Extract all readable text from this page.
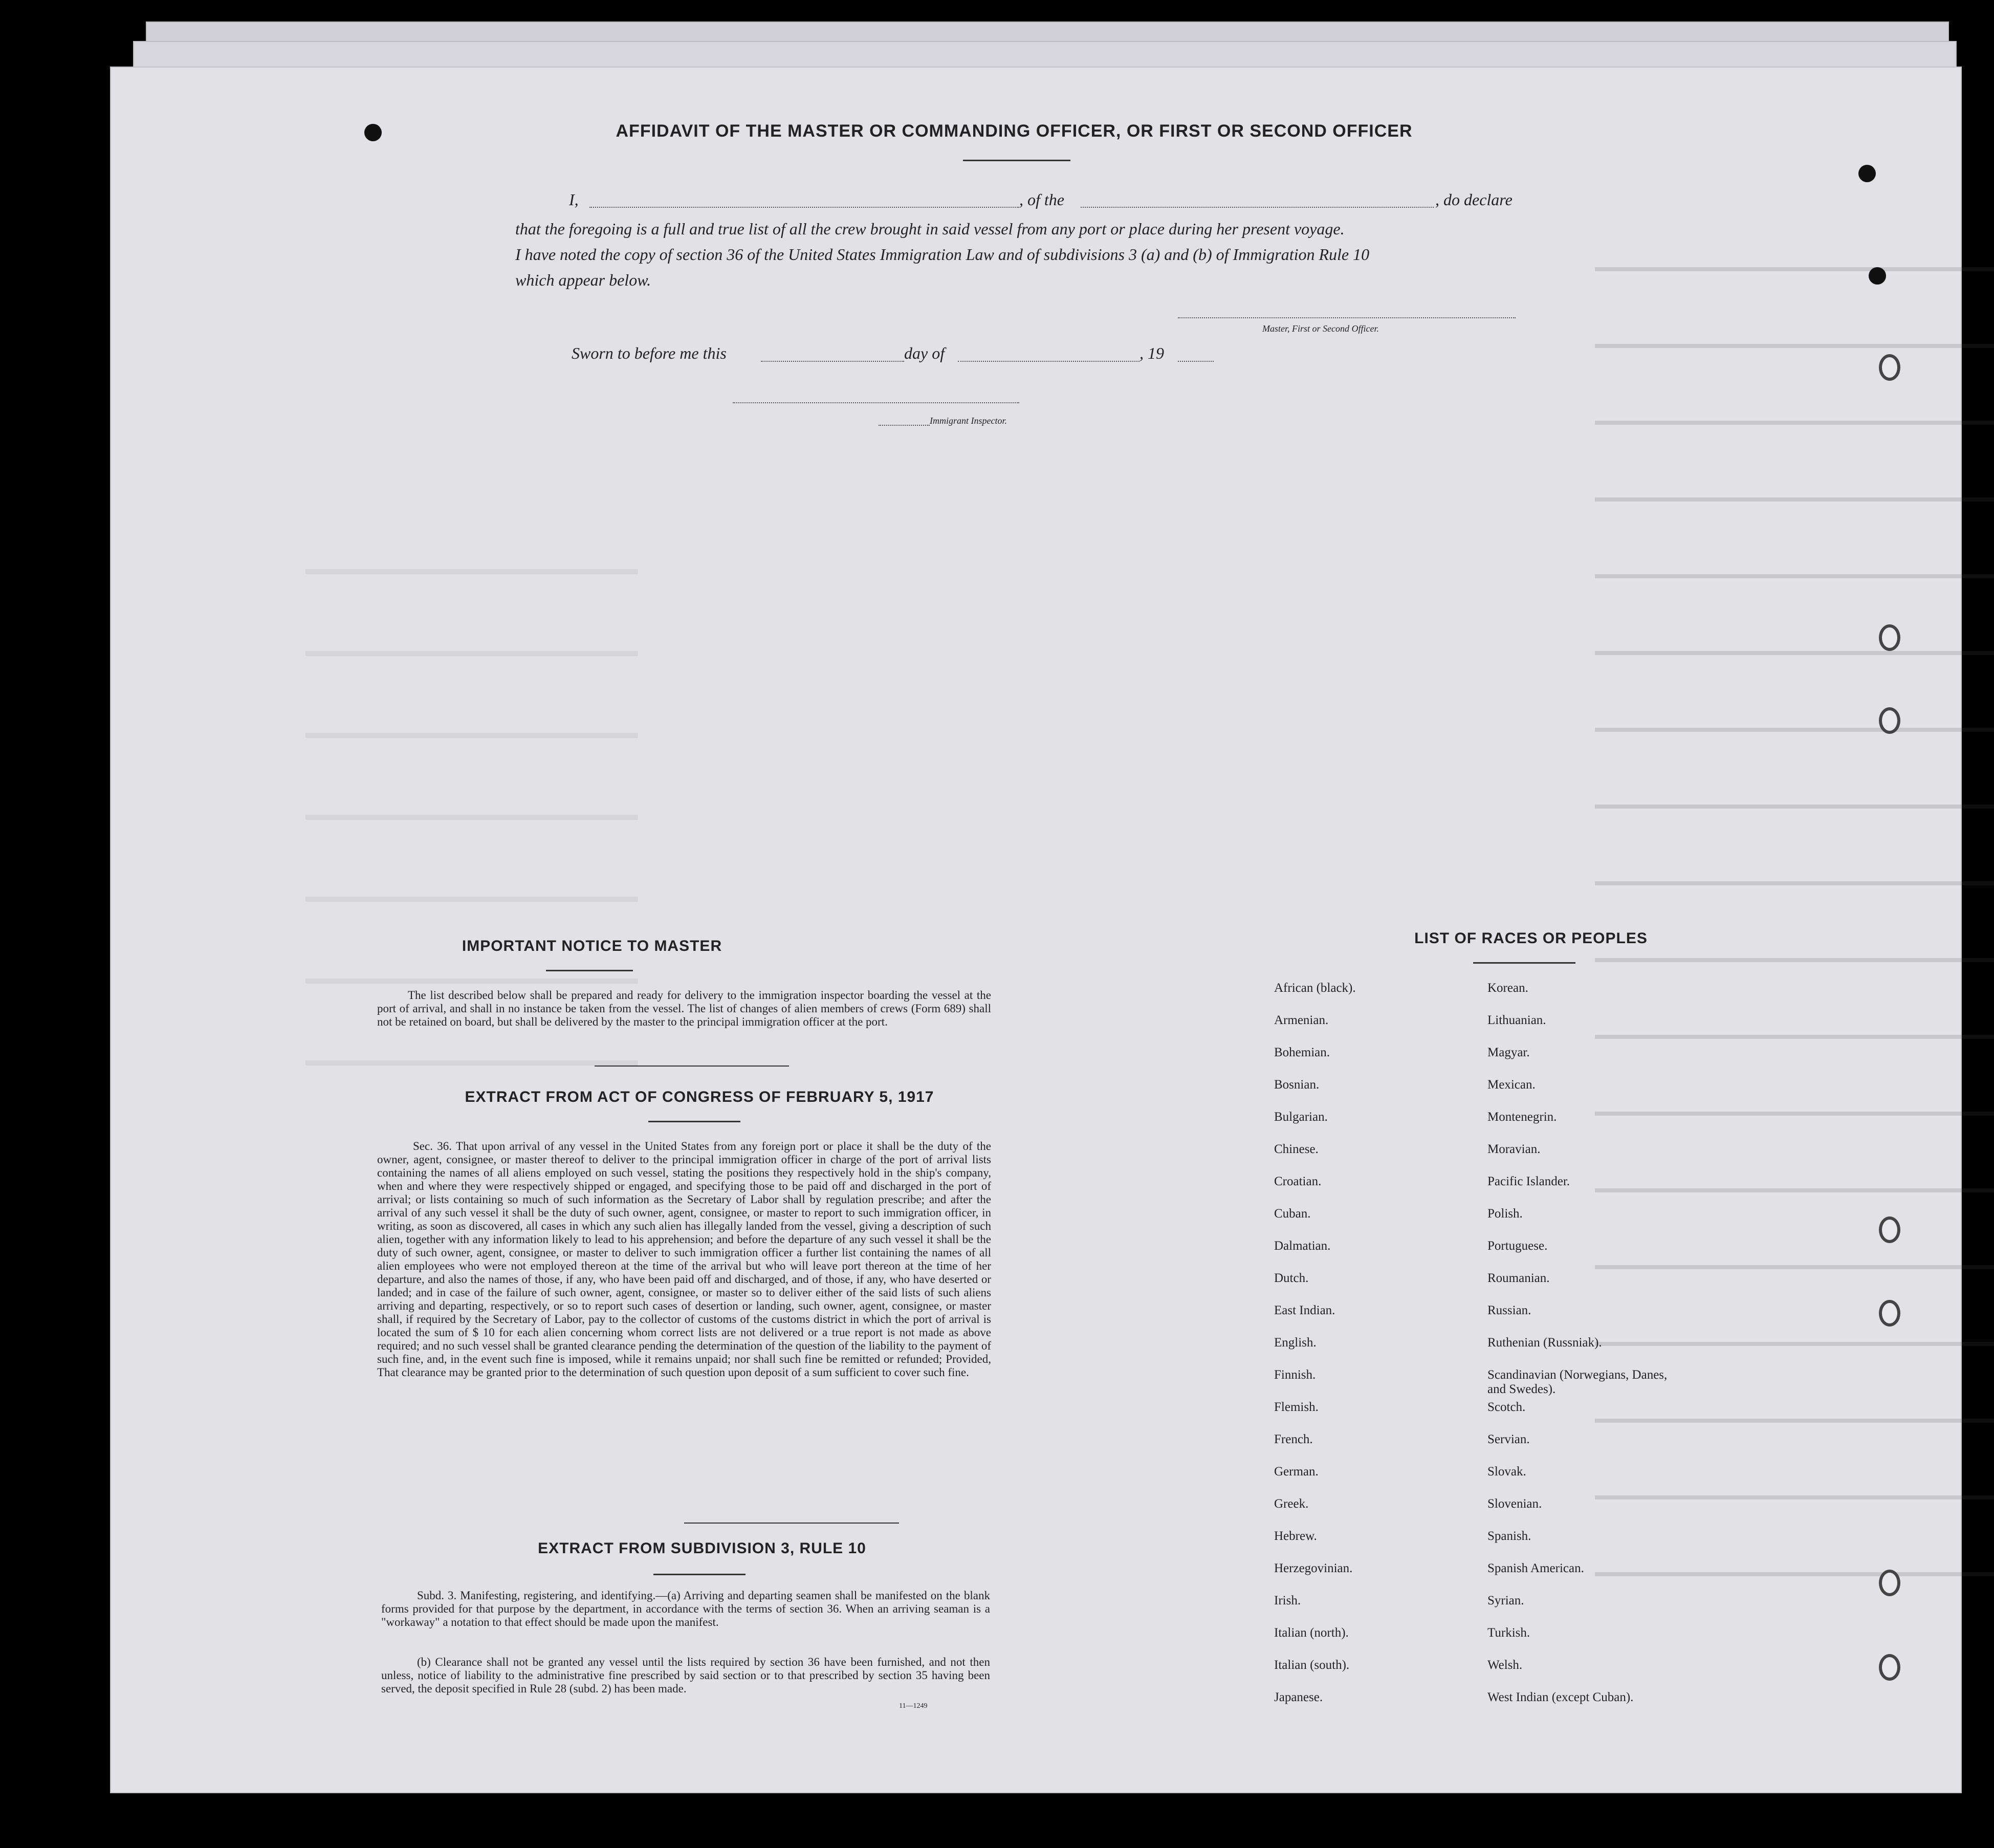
AFFIDAVIT OF THE MASTER OR COMMANDING OFFICER, OR FIRST OR SECOND OFFICER
I,	, of the	, do declare
that the foregoing is a full and true list of all the crew brought in said vessel from any port or place during her present voyage.
I have noted the copy of section 36 of the United States Immigration Law and of subdivisions 3 (a) and (b) of Immigration Rule 10
which appear below.
Master, First or Second Officer.
Sworn to before me this	day of	, 19
Immigrant Inspector.
IMPORTANT NOTICE TO MASTER
The list described below shall be prepared and ready for delivery to the immigration inspector boarding the vessel at the port of arrival, and shall in no instance be taken from the vessel. The list of changes of alien members of crews (Form 689) shall not be retained on board, but shall be delivered by the master to the principal immigration officer at the port.
EXTRACT FROM ACT OF CONGRESS OF FEBRUARY 5, 1917
Sec. 36. That upon arrival of any vessel in the United States from any foreign port or place it shall be the duty of the owner, agent, consignee, or master thereof to deliver to the principal immigration officer in charge of the port of arrival lists containing the names of all aliens employed on such vessel, stating the positions they respectively hold in the ship's company, when and where they were respectively shipped or engaged, and specifying those to be paid off and discharged in the port of arrival; or lists containing so much of such information as the Secretary of Labor shall by regulation prescribe; and after the arrival of any such vessel it shall be the duty of such owner, agent, consignee, or master to report to such immigration officer, in writing, as soon as discovered, all cases in which any such alien has illegally landed from the vessel, giving a description of such alien, together with any information likely to lead to his apprehension; and before the departure of any such vessel it shall be the duty of such owner, agent, consignee, or master to deliver to such immigration officer a further list containing the names of all alien employees who were not employed thereon at the time of the arrival but who will leave port thereon at the time of her departure, and also the names of those, if any, who have been paid off and discharged, and of those, if any, who have deserted or landed; and in case of the failure of such owner, agent, consignee, or master so to deliver either of the said lists of such aliens arriving and departing, respectively, or so to report such cases of desertion or landing, such owner, agent, consignee, or master shall, if required by the Secretary of Labor, pay to the collector of customs of the customs district in which the port of arrival is located the sum of $ 10 for each alien concerning whom correct lists are not delivered or a true report is not made as above required; and no such vessel shall be granted clearance pending the determination of the question of the liability to the payment of such fine, and, in the event such fine is imposed, while it remains unpaid; nor shall such fine be remitted or refunded; Provided, That clearance may be granted prior to the determination of such question upon deposit of a sum sufficient to cover such fine.
EXTRACT FROM SUBDIVISION 3, RULE 10
Subd. 3. Manifesting, registering, and identifying.—(a) Arriving and departing seamen shall be manifested on the blank forms provided for that purpose by the department, in accordance with the terms of section 36. When an arriving seaman is a "workaway" a notation to that effect should be made upon the manifest.
(b) Clearance shall not be granted any vessel until the lists required by section 36 have been furnished, and not then unless, notice of liability to the administrative fine prescribed by said section or to that prescribed by section 35 having been served, the deposit specified in Rule 28 (subd. 2) has been made.
11—1249
LIST OF RACES OR PEOPLES
African (black).
Armenian.
Bohemian.
Bosnian.
Bulgarian.
Chinese.
Croatian.
Cuban.
Dalmatian.
Dutch.
East Indian.
English.
Finnish.
Flemish.
French.
German.
Greek.
Hebrew.
Herzegovinian.
Irish.
Italian (north).
Italian (south).
Japanese.
Korean.
Lithuanian.
Magyar.
Mexican.
Montenegrin.
Moravian.
Pacific Islander.
Polish.
Portuguese.
Roumanian.
Russian.
Ruthenian (Russniak).
Scandinavian (Norwegians, Danes, and Swedes).
Scotch.
Servian.
Slovak.
Slovenian.
Spanish.
Spanish American.
Syrian.
Turkish.
Welsh.
West Indian (except Cuban).
